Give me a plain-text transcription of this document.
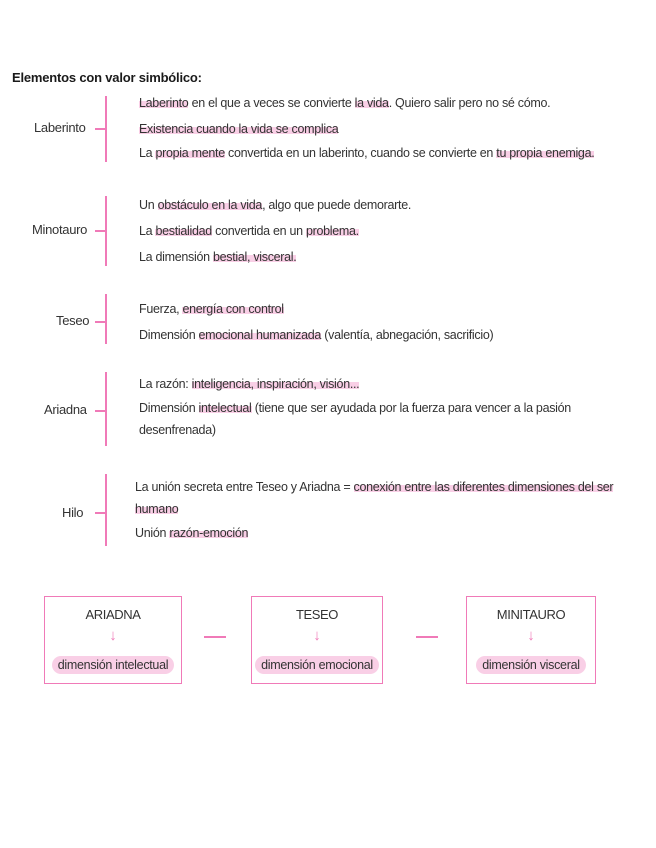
Elementos con valor simbólico:
Laberinto
Laberinto en el que a veces se convierte la vida. Quiero salir pero no sé cómo.
Existencia cuando la vida se complica
La propia mente convertida en un laberinto, cuando se convierte en tu propia enemiga.
Minotauro
Un obstáculo en la vida, algo que puede demorarte.
La bestialidad convertida en un problema.
La dimensión bestial, visceral.
Teseo
Fuerza, energía con control
Dimensión emocional humanizada (valentía, abnegación, sacrificio)
Ariadna
La razón: inteligencia, inspiración, visión...
Dimensión intelectual (tiene que ser ayudada por la fuerza para vencer a la pasión desenfrenada)
Hilo
La unión secreta entre Teseo y Ariadna = conexión entre las diferentes dimensiones del ser humano
Unión razón-emoción
ARIADNA
↓
dimensión intelectual
TESEO
↓
dimensión emocional
MINITAURO
↓
dimensión visceral
